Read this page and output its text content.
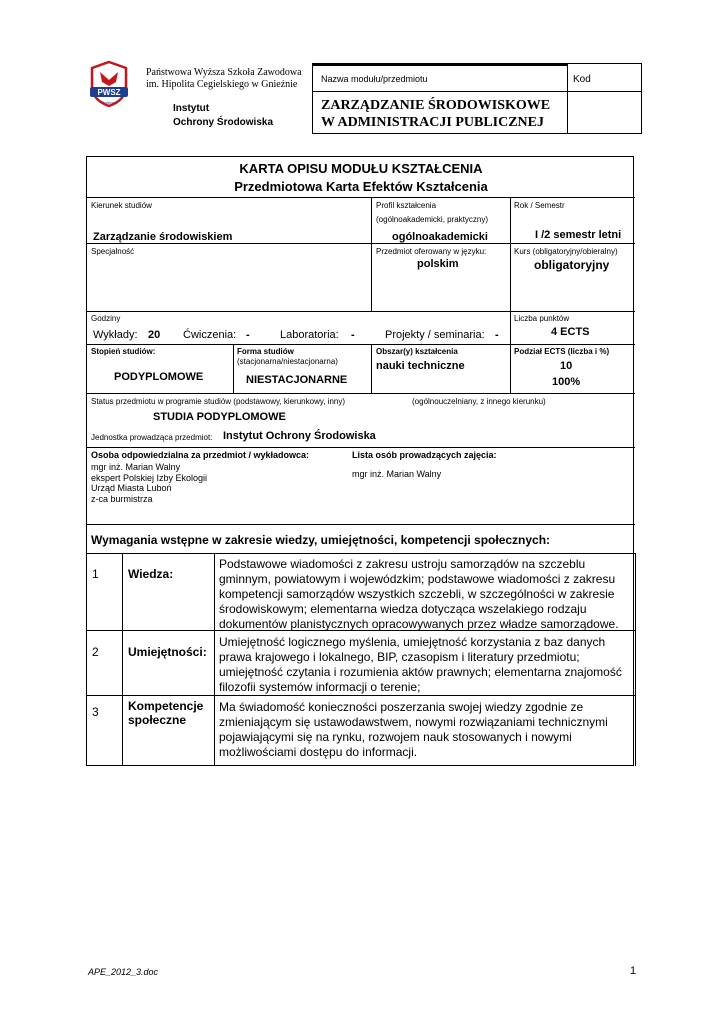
PWSZ
Gniezno
Państwowa Wyższa Szkoła Zawodowa
im. Hipolita Cegielskiego w Gnieźnie
Instytut
Ochrony Środowiska
Nazwa modułu/przedmiotu	Kod
ZARZĄDZANIE ŚRODOWISKOWE
W ADMINISTRACJI PUBLICZNEJ
KARTA OPISU MODUŁU KSZTAŁCENIA
Przedmiotowa Karta Efektów Kształcenia
Kierunek studiów
Zarządzanie środowiskiem
Profil kształcenia
(ogólnoakademicki, praktyczny)
ogólnoakademicki
Rok / Semestr
I /2 semestr letni
Specjalność	Przedmiot oferowany w języku:
polskim
Kurs (obligatoryjny/obieralny)
obligatoryjny
Godziny
Wykłady: 20 Ćwiczenia: -	Laboratoria: -	Projekty / seminaria: -
Liczba punktów
4 ECTS
Stopień studiów:
PODYPLOMOWE
Forma studiów
(stacjonarna/niestacjonarna)
NIESTACJONARNE
Obszar(y) kształcenia
nauki techniczne
Podział ECTS (liczba i %)
10
100%
Status przedmiotu w programie studiów (podstawowy, kierunkowy, inny)	(ogólnouczelniany, z innego kierunku)
STUDIA PODYPLOMOWE
Jednostka prowadząca przedmiot: Instytut Ochrony Środowiska
Osoba odpowiedzialna za przedmiot / wykładowca:
mgr inż. Marian Walny
ekspert Polskiej Izby Ekologii
Urząd Miasta Luboń
z-ca burmistrza
Lista osób prowadzących zajęcia:
mgr inż. Marian Walny
Wymagania wstępne w zakresie wiedzy, umiejętności, kompetencji społecznych:
1 Wiedza:
Podstawowe wiadomości z zakresu ustroju samorządów na szczeblu
gminnym, powiatowym i wojewódzkim; podstawowe wiadomości z zakresu
kompetencji samorządów wszystkich szczebli, w szczególności w zakresie
środowiskowym; elementarna wiedza dotycząca wszelakiego rodzaju
dokumentów planistycznych opracowywanych przez władze samorządowe.
2 Umiejętności:
Umiejętność logicznego myślenia, umiejętność korzystania z baz danych
prawa krajowego i lokalnego, BIP, czasopism i literatury przedmiotu;
umiejętność czytania i rozumienia aktów prawnych; elementarna znajomość
filozofii systemów informacji o terenie;
3 Kompetencje
społeczne
Ma świadomość konieczności poszerzania swojej wiedzy zgodnie ze
zmieniającym się ustawodawstwem, nowymi rozwiązaniami technicznymi
pojawiającymi się na rynku, rozwojem nauk stosowanych i nowymi
możliwościami dostępu do informacji.
APE_2012_3.doc	1
